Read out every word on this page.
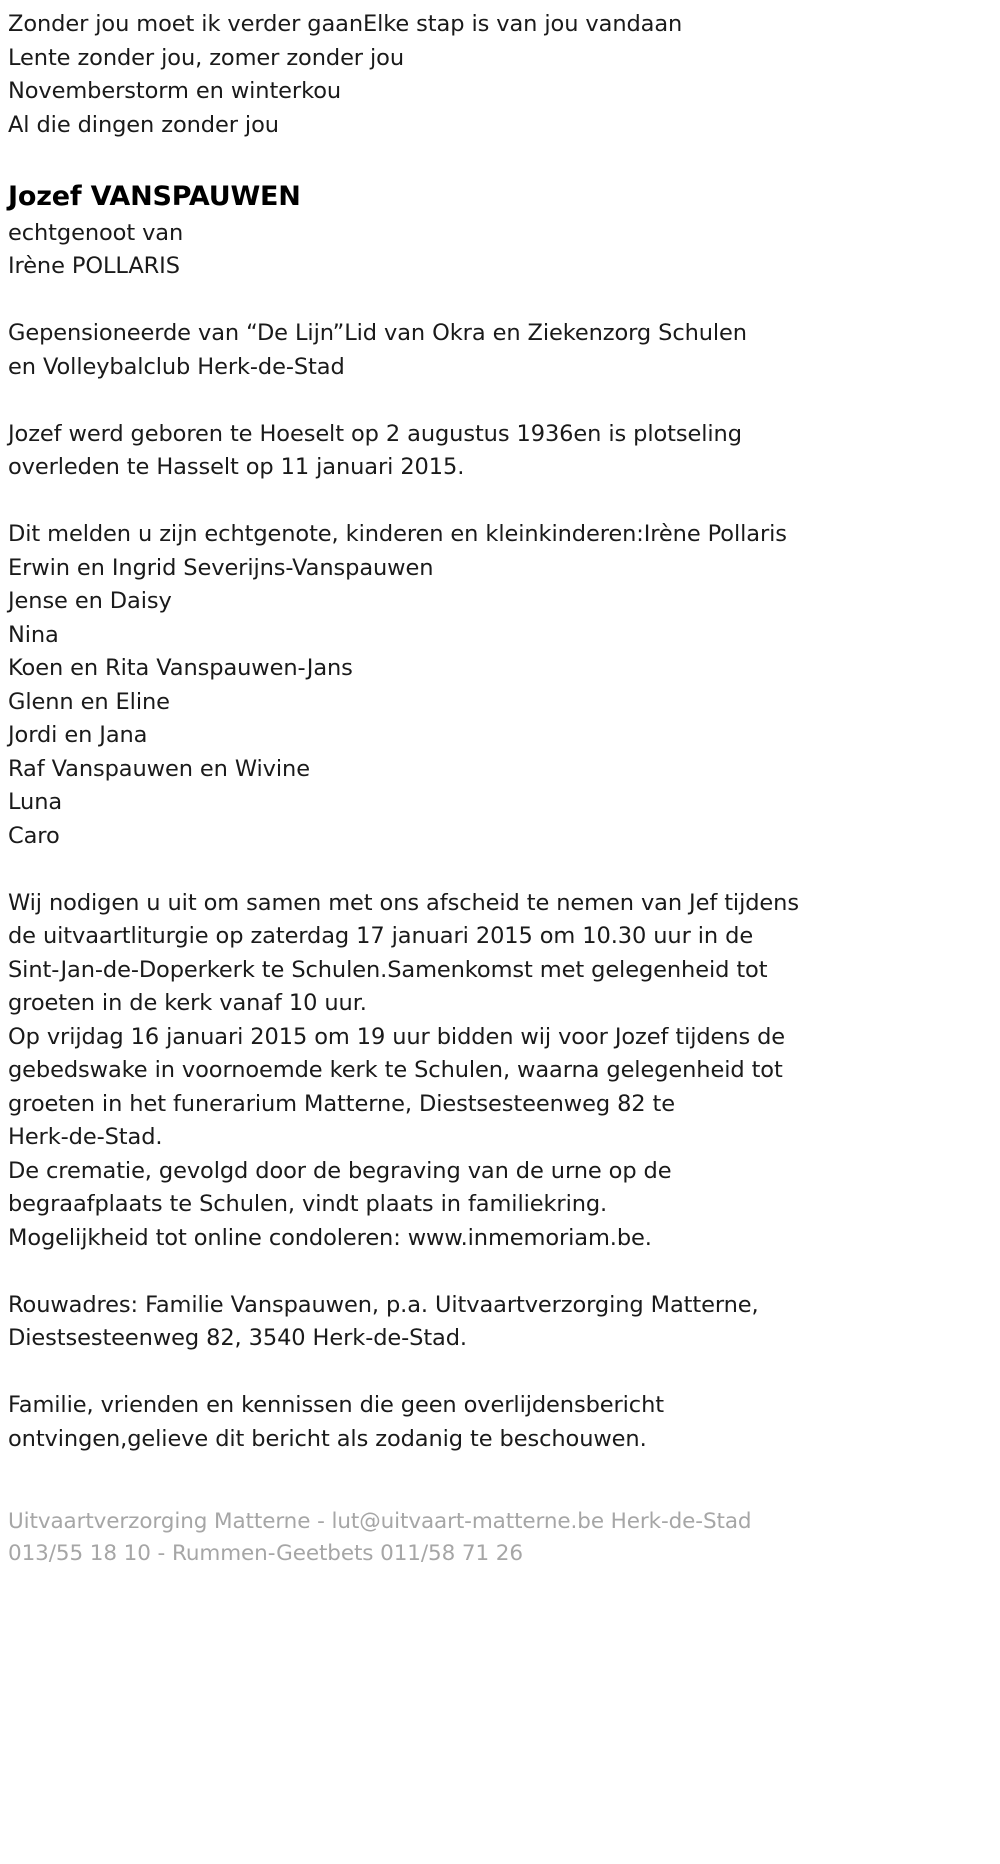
Zonder jou moet ik verder gaanElke stap is van jou vandaan
Lente zonder jou, zomer zonder jou
Novemberstorm en winterkou
Al die dingen zonder jou
Jozef VANSPAUWEN
echtgenoot van
Irène POLLARIS
Gepensioneerde van “De Lijn”Lid van Okra en Ziekenzorg Schulen
en Volleybalclub Herk-de-Stad
Jozef werd geboren te Hoeselt op 2 augustus 1936en is plotseling
overleden te Hasselt op 11 januari 2015.
Dit melden u zijn echtgenote, kinderen en kleinkinderen:Irène Pollaris
Erwin en Ingrid Severijns-Vanspauwen
Jense en Daisy
Nina
Koen en Rita Vanspauwen-Jans
Glenn en Eline
Jordi en Jana
Raf Vanspauwen en Wivine
Luna
Caro
Wij nodigen u uit om samen met ons afscheid te nemen van Jef tijdens
de uitvaartliturgie op zaterdag 17 januari 2015 om 10.30 uur in de
Sint-Jan-de-Doperkerk te Schulen.Samenkomst met gelegenheid tot
groeten in de kerk vanaf 10 uur.
Op vrijdag 16 januari 2015 om 19 uur bidden wij voor Jozef tijdens de
gebedswake in voornoemde kerk te Schulen, waarna gelegenheid tot
groeten in het funerarium Matterne, Diestsesteenweg 82 te
Herk-de-Stad.
De crematie, gevolgd door de begraving van de urne op de
begraafplaats te Schulen, vindt plaats in familiekring.
Mogelijkheid tot online condoleren: www.inmemoriam.be.
Rouwadres: Familie Vanspauwen, p.a. Uitvaartverzorging Matterne,
Diestsesteenweg 82, 3540 Herk-de-Stad.
Familie, vrienden en kennissen die geen overlijdensbericht
ontvingen,gelieve dit bericht als zodanig te beschouwen.
Uitvaartverzorging Matterne - lut@uitvaart-matterne.be Herk-de-Stad
013/55 18 10 - Rummen-Geetbets 011/58 71 26
